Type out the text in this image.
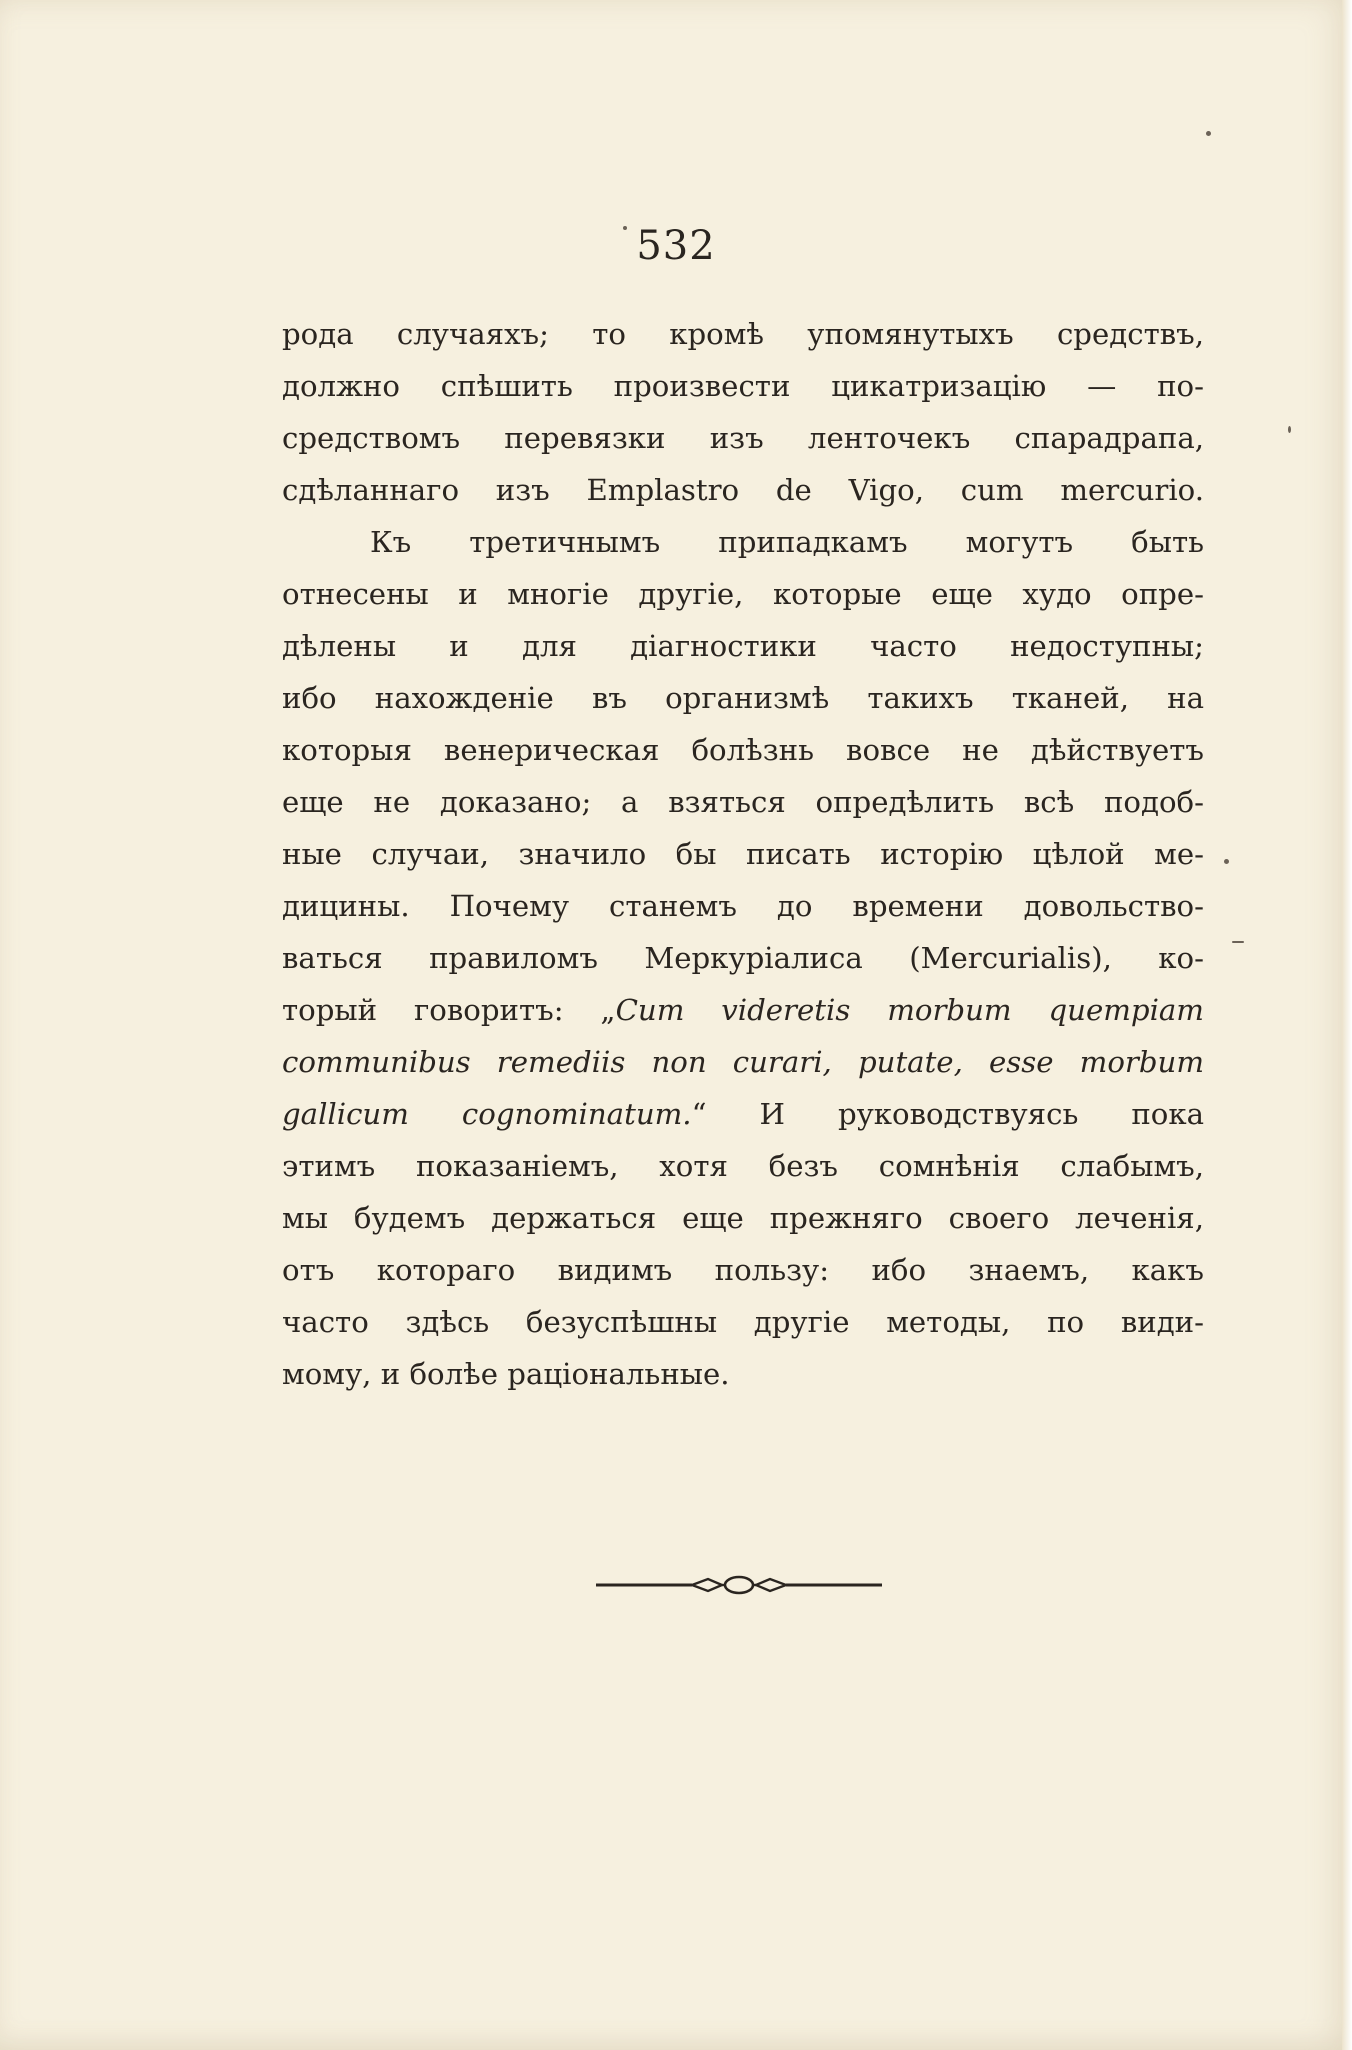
532
рода случаяхъ; то кромѣ упомянутыхъ средствъ,
должно спѣшить произвести цикатризацію — по-
средствомъ перевязки изъ ленточекъ спарадрапа,
сдѣланнаго изъ Emplastro de Vigo, cum mercurio.
Къ третичнымъ припадкамъ могутъ быть
отнесены и многіе другіе, которые еще худо опре-
дѣлены и для діагностики часто недоступны;
ибо нахожденіе въ организмѣ такихъ тканей, на
которыя венерическая болѣзнь вовсе не дѣйствуетъ
еще не доказано; а взяться опредѣлить всѣ подоб-
ные случаи, значило бы писать исторію цѣлой ме-
дицины. Почему станемъ до времени довольство-
ваться правиломъ Меркуріалиса (Mercurialis), ко-
торый говоритъ: „Cum videretis morbum quempiam
communibus remediis non curari, putate, esse morbum
gallicum cognominatum.“ И руководствуясь пока
этимъ показаніемъ, хотя безъ сомнѣнія слабымъ,
мы будемъ держаться еще прежняго своего леченія,
отъ котораго видимъ пользу: ибо знаемъ, какъ
часто здѣсь безуспѣшны другіе методы, по види-
мому, и болѣе раціональные.
